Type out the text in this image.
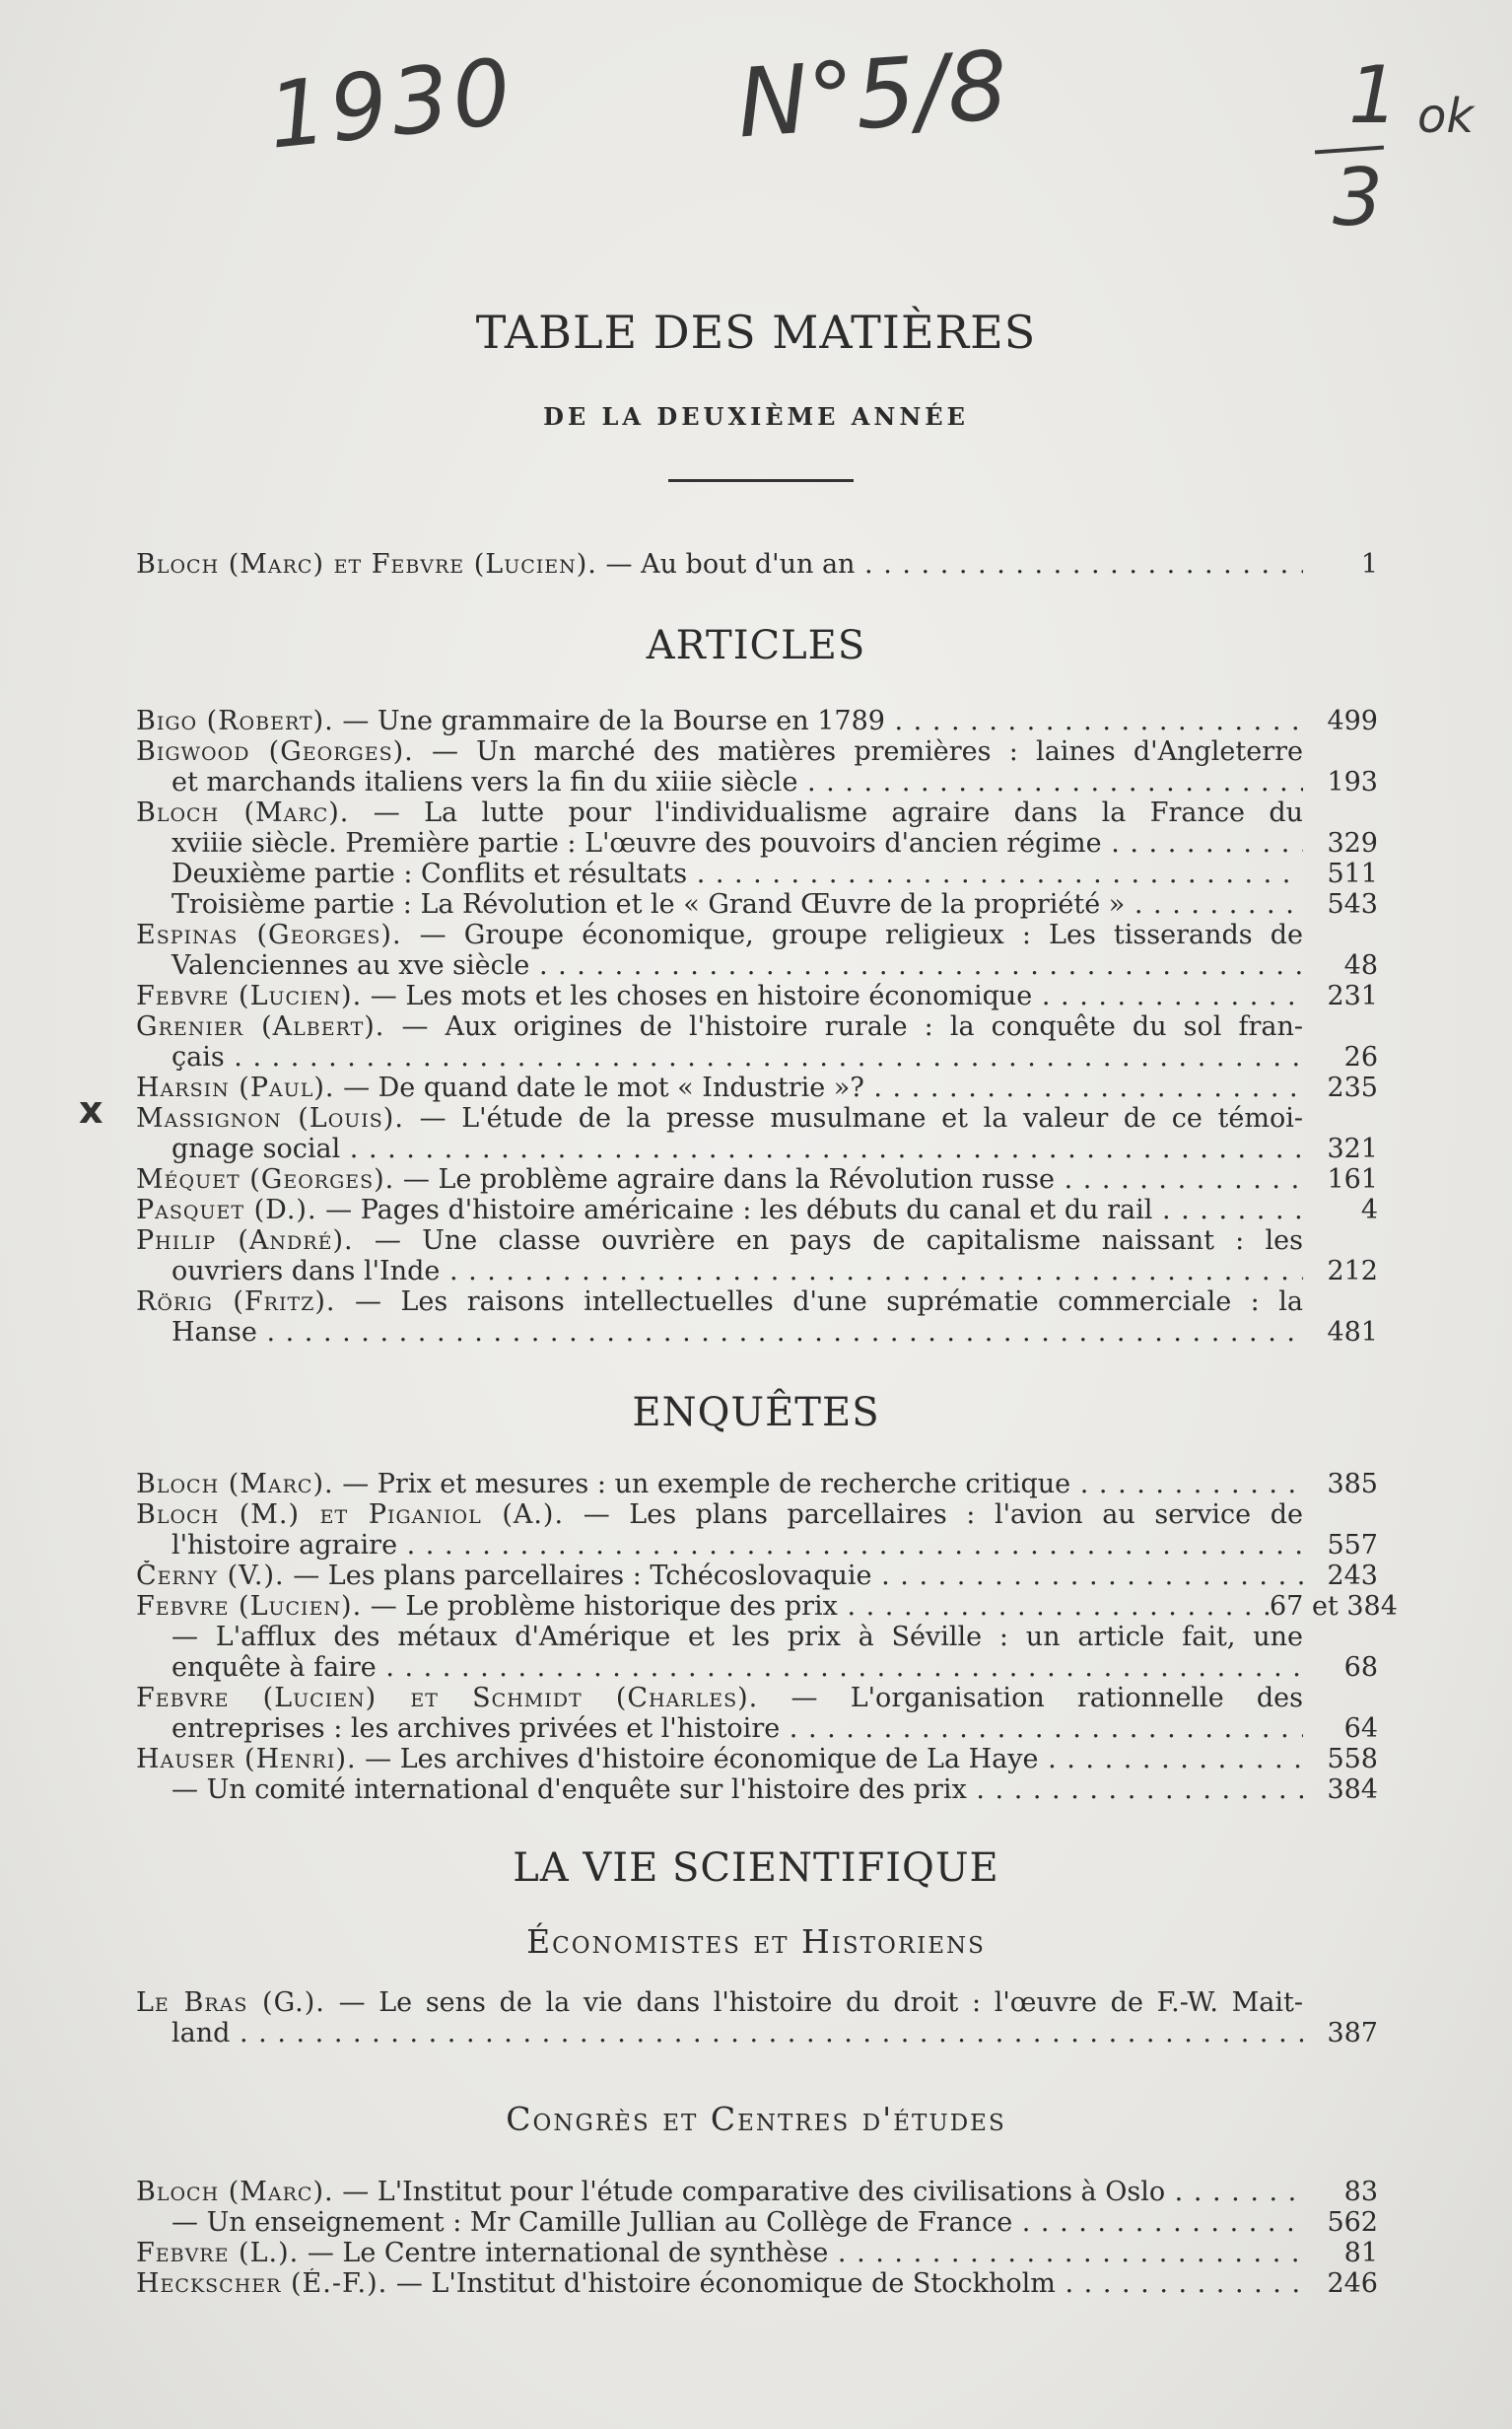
1930 N°5/8	1
3
ok
TABLE DES MATIÈRES
DE LA DEUXIÈME ANNÉE
Bloch (Marc) et Febvre (Lucien). — Au bout d'un an . . .	1
ARTICLES
Bigo (Robert). — Une grammaire de la Bourse en 1789 . . .	499
Bigwood (Georges). — Un marché des matières premières : laines d'Angleterre
et marchands italiens vers la fin du xiiie siècle . . .	193
Bloch (Marc). — La lutte pour l'individualisme agraire dans la France du
xviiie siècle. Première partie : L'œuvre des pouvoirs d'ancien régime . . .	329
Deuxième partie : Conflits et résultats . . .	511
Troisième partie : La Révolution et le « Grand Œuvre de la propriété » . . .	543
Espinas (Georges). — Groupe économique, groupe religieux : Les tisserands de
Valenciennes au xve siècle . . .	48
Febvre (Lucien). — Les mots et les choses en histoire économique . . .	231
Grenier (Albert). — Aux origines de l'histoire rurale : la conquête du sol fran-
çais . . .	26
Harsin (Paul). — De quand date le mot « Industrie »? . . .	235
Massignon (Louis). — L'étude de la presse musulmane et la valeur de ce témoi-
gnage social . . .	321
Méquet (Georges). — Le problème agraire dans la Révolution russe . . .	161
Pasquet (D.). — Pages d'histoire américaine : les débuts du canal et du rail . . .	4
Philip (André). — Une classe ouvrière en pays de capitalisme naissant : les
ouvriers dans l'Inde . . .	212
Rörig (Fritz). — Les raisons intellectuelles d'une suprématie commerciale : la
Hanse . . .	481
x
ENQUÊTES
Bloch (Marc). — Prix et mesures : un exemple de recherche critique . . .	385
Bloch (M.) et Piganiol (A.). — Les plans parcellaires : l'avion au service de
l'histoire agraire . . .	557
Černy (V.). — Les plans parcellaires : Tchécoslovaquie . . .	243
Febvre (Lucien). — Le problème historique des prix . . .	67 et 384
— L'afflux des métaux d'Amérique et les prix à Séville : un article fait, une
enquête à faire . . .	68
Febvre (Lucien) et Schmidt (Charles). — L'organisation rationnelle des
entreprises : les archives privées et l'histoire . . .	64
Hauser (Henri). — Les archives d'histoire économique de La Haye . . .	558
— Un comité international d'enquête sur l'histoire des prix . . .	384
LA VIE SCIENTIFIQUE
Économistes et Historiens
Le Bras (G.). — Le sens de la vie dans l'histoire du droit : l'œuvre de F.-W. Mait-
land . . .	387
Congrès et Centres d'études
Bloch (Marc). — L'Institut pour l'étude comparative des civilisations à Oslo . . .	83
— Un enseignement : Mr Camille Jullian au Collège de France . . .	562
Febvre (L.). — Le Centre international de synthèse . . .	81
Heckscher (É.-F.). — L'Institut d'histoire économique de Stockholm . . .	246
